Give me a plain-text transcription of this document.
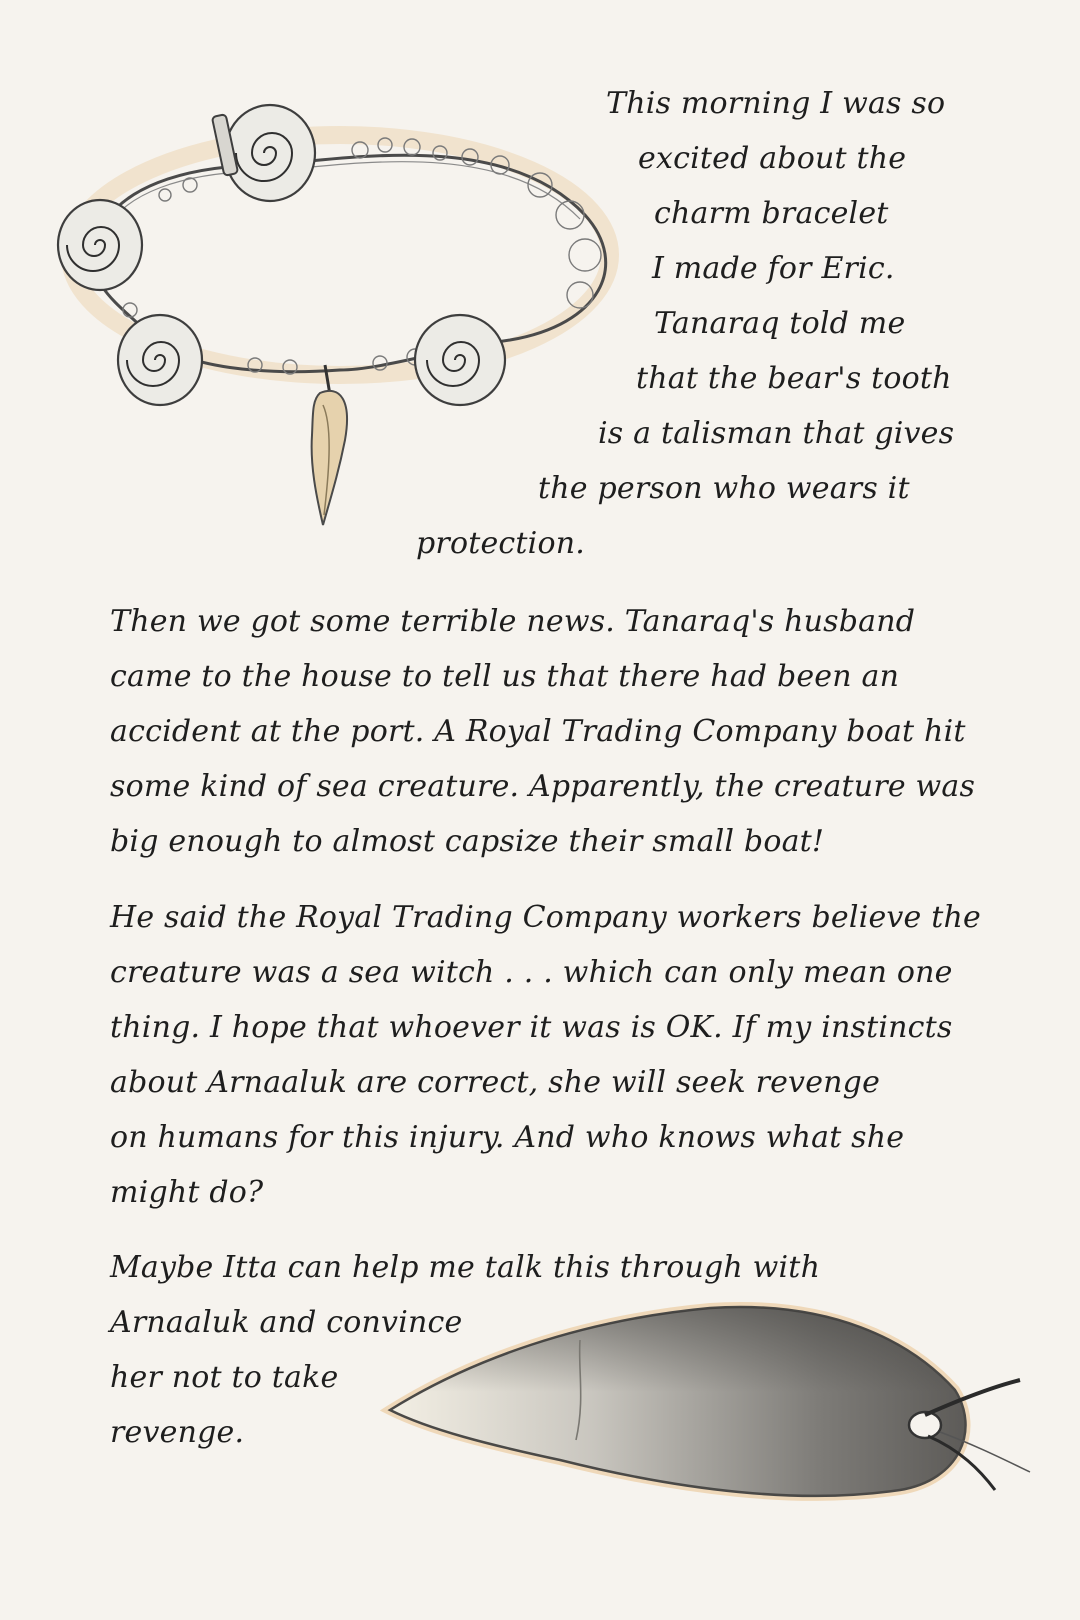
This morning I was so
excited about the
charm bracelet
I made for Eric.
Tanaraq told me
that the bear's tooth
is a talisman that gives
the person who wears it
protection.
Then we got some terrible news. Tanaraq's husband
came to the house to tell us that there had been an
accident at the port. A Royal Trading Company boat hit
some kind of sea creature. Apparently, the creature was
big enough to almost capsize their small boat!
He said the Royal Trading Company workers believe the
creature was a sea witch . . . which can only mean one
thing. I hope that whoever it was is OK. If my instincts
about Arnaaluk are correct, she will seek revenge
on humans for this injury. And who knows what she
might do?
Maybe Itta can help me talk this through with
Arnaaluk and convince
her not to take
revenge.
